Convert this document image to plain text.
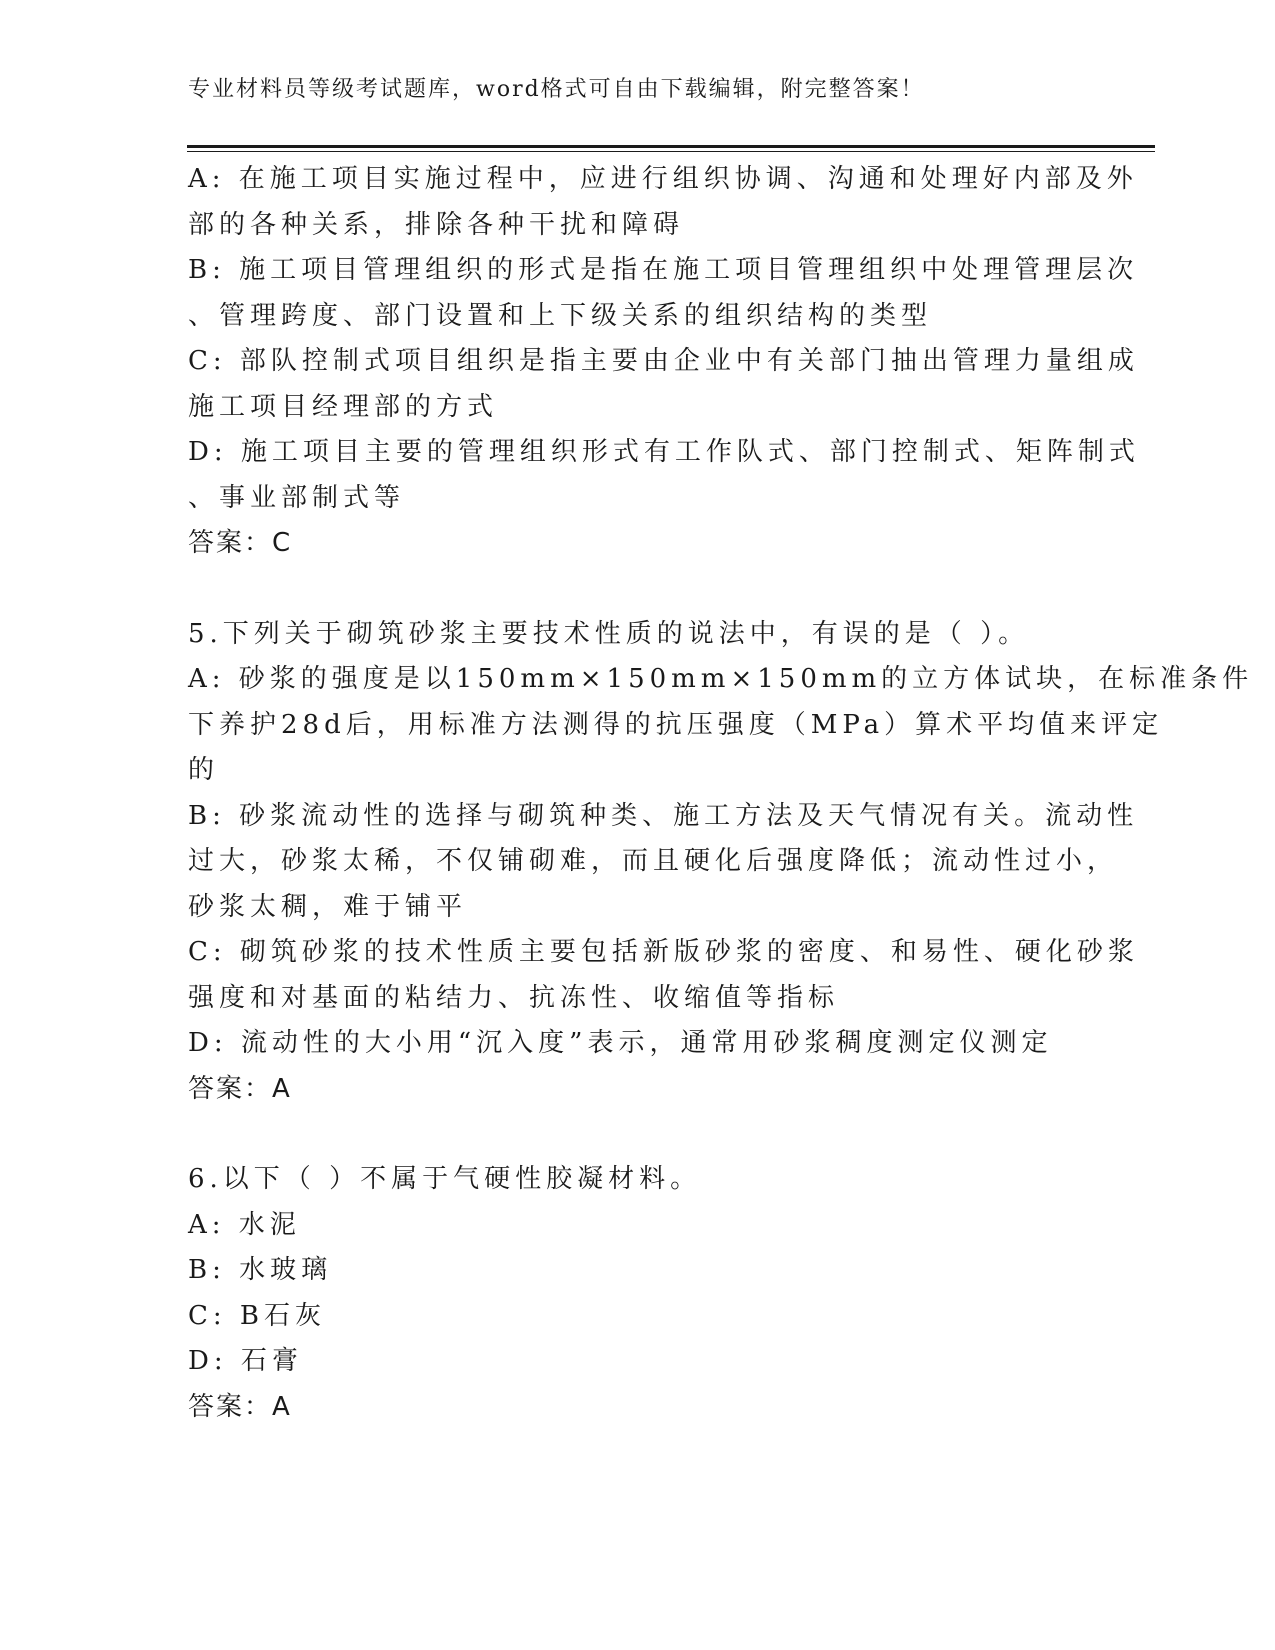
专业材料员等级考试题库，word格式可自由下载编辑，附完整答案！
A: 在施工项目实施过程中，应进行组织协调、沟通和处理好内部及外
部的各种关系，排除各种干扰和障碍
B: 施工项目管理组织的形式是指在施工项目管理组织中处理管理层次
、管理跨度、部门设置和上下级关系的组织结构的类型
C: 部队控制式项目组织是指主要由企业中有关部门抽出管理力量组成
施工项目经理部的方式
D: 施工项目主要的管理组织形式有工作队式、部门控制式、矩阵制式
、事业部制式等
答案：C
5.下列关于砌筑砂浆主要技术性质的说法中，有误的是（ ）。
A: 砂浆的强度是以150mm×150mm×150mm的立方体试块，在标准条件
下养护28d后，用标准方法测得的抗压强度（MPa）算术平均值来评定
的
B: 砂浆流动性的选择与砌筑种类、施工方法及天气情况有关。流动性
过大，砂浆太稀，不仅铺砌难，而且硬化后强度降低；流动性过小，
砂浆太稠，难于铺平
C: 砌筑砂浆的技术性质主要包括新版砂浆的密度、和易性、硬化砂浆
强度和对基面的粘结力、抗冻性、收缩值等指标
D: 流动性的大小用“沉入度”表示，通常用砂浆稠度测定仪测定
答案：A
6.以下（ ）不属于气硬性胶凝材料。
A: 水泥
B: 水玻璃
C: B石灰
D: 石膏
答案：A
